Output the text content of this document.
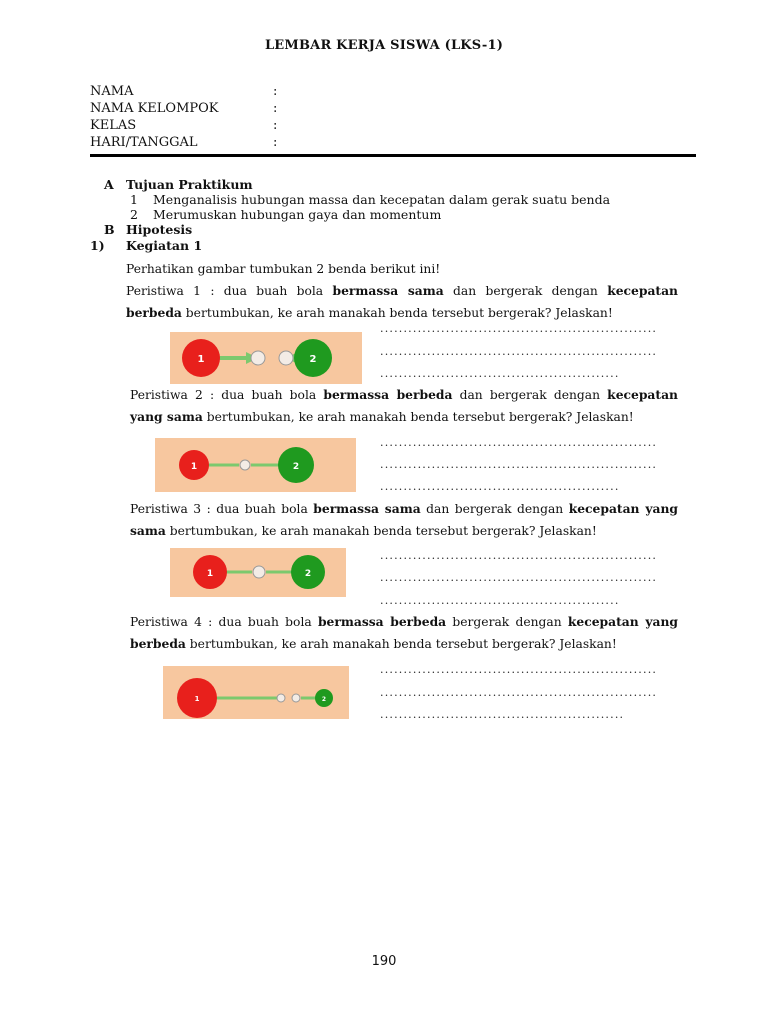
LEMBAR KERJA SISWA (LKS-1)
NAMA	:
NAMA KELOMPOK	:
KELAS	:
HARI/TANGGAL	:
A Tujuan Praktikum
1 Menganalisis hubungan massa dan kecepatan dalam gerak suatu benda
2 Merumuskan hubungan gaya dan momentum
B Hipotesis
1) Kegiatan 1
Perhatikan gambar tumbukan 2 benda berikut ini!
Peristiwa 1 : dua buah bola bermassa sama dan bergerak dengan kecepatan berbeda bertumbukan, ke arah manakah benda tersebut bergerak? Jelaskan!
1	2
...........................................................
...........................................................
...................................................
Peristiwa 2 : dua buah bola bermassa berbeda dan bergerak dengan kecepatan yang sama bertumbukan, ke arah manakah benda tersebut bergerak? Jelaskan!
1	2
...........................................................
...........................................................
...................................................
Peristiwa 3 : dua buah bola bermassa sama dan bergerak dengan kecepatan yang sama bertumbukan, ke arah manakah benda tersebut bergerak? Jelaskan!
1	2
...........................................................
...........................................................
...................................................
Peristiwa 4 : dua buah bola bermassa berbeda bergerak dengan kecepatan yang berbeda bertumbukan, ke arah manakah benda tersebut bergerak? Jelaskan!
1	2
...........................................................
...........................................................
....................................................
190
